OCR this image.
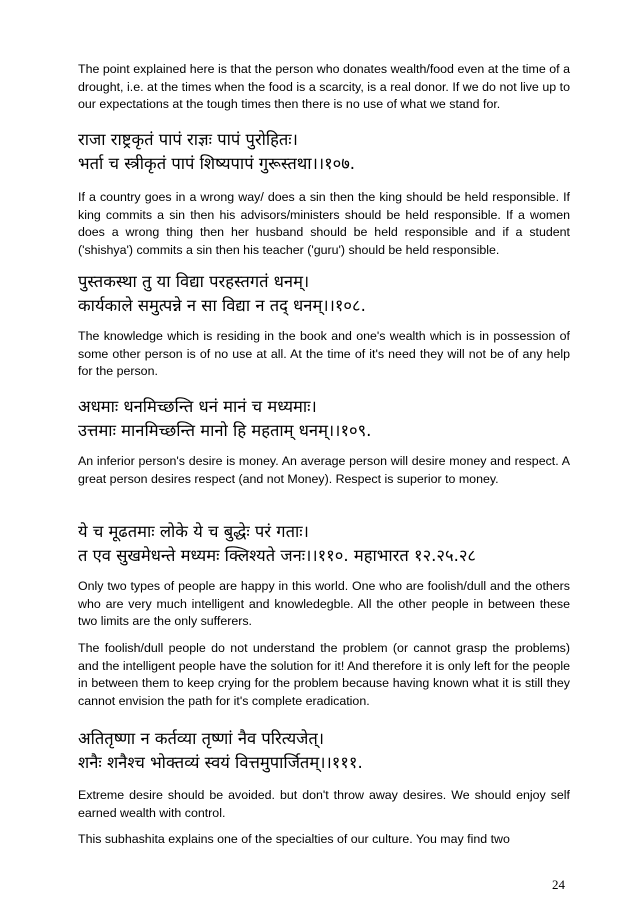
The point explained here is that the person who donates wealth/food even at the time of a drought, i.e. at the times when the food is a scarcity, is a real donor. If we do not live up to our expectations at the tough times then there is no use of what we stand for.

राजा राष्ट्रकृतं पापं राज्ञः पापं पुरोहितः।
भर्ता च स्त्रीकृतं पापं शिष्यपापं गुरूस्तथा।।१०७.

If a country goes in a wrong way/ does a sin then the king should be held responsible. If king commits a sin then his advisors/ministers should be held responsible. If a women does a wrong thing then her husband should be held responsible and if a student ('shishya') commits a sin then his teacher ('guru') should be held responsible.

पुस्तकस्था तु या विद्या परहस्तगतं धनम्।
कार्यकाले समुत्पन्ने न सा विद्या न तद् धनम्।।१०८.

The knowledge which is residing in the book and one's wealth which is in possession of some other person is of no use at all. At the time of it's need they will not be of any help for the person.

अधमाः धनमिच्छन्ति धनं मानं च मध्यमाः।
उत्तमाः मानमिच्छन्ति मानो हि महताम् धनम्।।१०९.

An inferior person's desire is money. An average person will desire money and respect. A great person desires respect (and not Money). Respect is superior to money.

ये च मूढतमाः लोके ये च बुद्धेः परं गताः।
त एव सुखमेधन्ते मध्यमः क्लिश्यते जनः।।११०. महाभारत १२.२५.२८

Only two types of people are happy in this world. One who are foolish/dull and the others who are very much intelligent and knowledegble. All the other people in between these two limits are the only sufferers.

The foolish/dull people do not understand the problem (or cannot grasp the problems) and the intelligent people have the solution for it! And therefore it is only left for the people in between them to keep crying for the problem because having known what it is still they cannot envision the path for it's complete eradication.

अतितृष्णा न कर्तव्या तृष्णां नैव परित्यजेत्।
शनैः शनैश्च भोक्तव्यं स्वयं वित्तमुपार्जितम्।।१११.

Extreme desire should be avoided. but don't throw away desires. We should enjoy self earned wealth with control.

This subhashita explains one of the specialties of our culture. You may find two

24
